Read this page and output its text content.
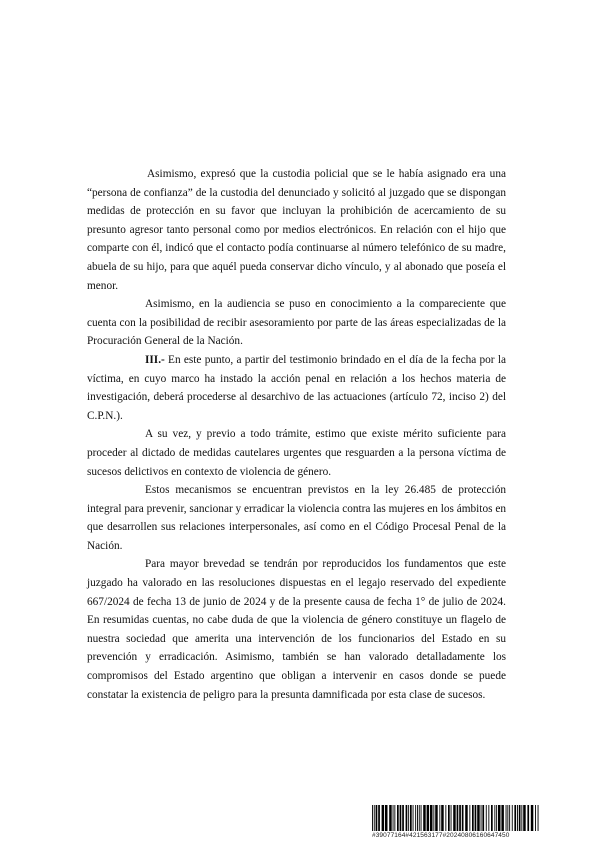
Asimismo, expresó que la custodia policial que se le había asignado era una “persona de confianza” de la custodia del denunciado y solicitó al juzgado que se dispongan medidas de protección en su favor que incluyan la prohibición de acercamiento de su presunto agresor tanto personal como por medios electrónicos. En relación con el hijo que comparte con él, indicó que el contacto podía continuarse al número telefónico de su madre, abuela de su hijo, para que aquél pueda conservar dicho vínculo, y al abonado que poseía el menor.

Asimismo, en la audiencia se puso en conocimiento a la compareciente que cuenta con la posibilidad de recibir asesoramiento por parte de las áreas especializadas de la Procuración General de la Nación.

III.- En este punto, a partir del testimonio brindado en el día de la fecha por la víctima, en cuyo marco ha instado la acción penal en relación a los hechos materia de investigación, deberá procederse al desarchivo de las actuaciones (artículo 72, inciso 2) del C.P.N.).

A su vez, y previo a todo trámite, estimo que existe mérito suficiente para proceder al dictado de medidas cautelares urgentes que resguarden a la persona víctima de sucesos delictivos en contexto de violencia de género.

Estos mecanismos se encuentran previstos en la ley 26.485 de protección integral para prevenir, sancionar y erradicar la violencia contra las mujeres en los ámbitos en que desarrollen sus relaciones interpersonales, así como en el Código Procesal Penal de la Nación.

Para mayor brevedad se tendrán por reproducidos los fundamentos que este juzgado ha valorado en las resoluciones dispuestas en el legajo reservado del expediente 667/2024 de fecha 13 de junio de 2024 y de la presente causa de fecha 1° de julio de 2024. En resumidas cuentas, no cabe duda de que la violencia de género constituye un flagelo de nuestra sociedad que amerita una intervención de los funcionarios del Estado en su prevención y erradicación. Asimismo, también se han valorado detalladamente los compromisos del Estado argentino que obligan a intervenir en casos donde se puede constatar la existencia de peligro para la presunta damnificada por esta clase de sucesos.

#39077164#421563177#20240806160647450
